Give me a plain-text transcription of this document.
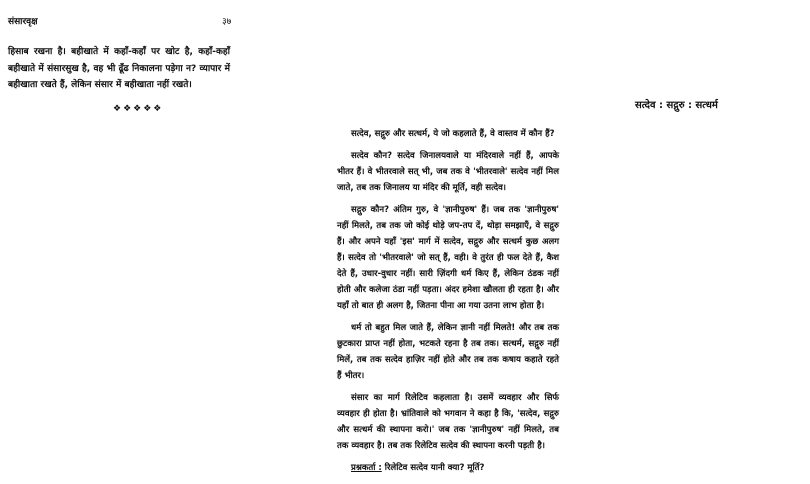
संसारवृक्ष	३७

हिसाब रखना है। बहीखाते में कहाँ-कहाँ पर खोट है, कहाँ-कहाँ बहीखाते में संसारसुख है, वह भी ढूँढ निकालना पड़ेगा न? व्यापार में बहीखाता रखते हैं, लेकिन संसार में बहीखाता नहीं रखते।

❖❖❖❖❖	सत्देव : सद्गुरु : सत्धर्म

सत्देव, सद्गुरु और सत्धर्म, ये जो कहलाते हैं, वे वास्तव में कौन हैं?

सत्देव कौन? सत्देव जिनालयवाले या मंदिरवाले नहीं हैं, आपके भीतर हैं। वे भीतरवाले सत् भी, जब तक वे 'भीतरवाले' सत्देव नहीं मिल जाते, तब तक जिनालय या मंदिर की मूर्ति, वही सत्देव।

सद्गुरु कौन? अंतिम गुरु, वे 'ज्ञानीपुरुष' हैं। जब तक 'ज्ञानीपुरुष' नहीं मिलते, तब तक जो कोई थोड़े जप-तप दें, थोड़ा समझाएँ, वे सद्गुरु हैं। और अपने यहाँ 'इस' मार्ग में सत्देव, सद्गुरु और सत्धर्म कुछ अलग हैं। सत्देव तो 'भीतरवाले' जो सत् हैं, वही। वे तुरंत ही फल देते हैं, कैश देते हैं, उधार-वुधार नहीं। सारी ज़िंदगी धर्म किए हैं, लेकिन ठंडक नहीं होती और कलेजा ठंडा नहीं पड़ता। अंदर हमेशा खौलता ही रहता है। और यहाँ तो बात ही अलग है, जितना पीना आ गया उतना लाभ होता है।

धर्म तो बहुत मिल जाते हैं, लेकिन ज्ञानी नहीं मिलते! और तब तक छुटकारा प्राप्त नहीं होता, भटकते रहना है तब तक। सत्धर्म, सद्गुरु नहीं मिलें, तब तक सत्देव हाज़िर नहीं होते और तब तक कषाय कहाते रहते हैं भीतर।

संसार का मार्ग रिलेटिव कहलाता है। उसमें व्यवहार और सिर्फ व्यवहार ही होता है। भ्रांतिवाले को भगवान ने कहा है कि, 'सत्देव, सद्गुरु और सत्धर्म की स्थापना करो।' जब तक 'ज्ञानीपुरुष' नहीं मिलते, तब तक व्यवहार है। तब तक रिलेटिव सत्देव की स्थापना करनी पड़ती है।

प्रश्नकर्ता : रिलेटिव सत्देव यानी क्या? मूर्ति?
